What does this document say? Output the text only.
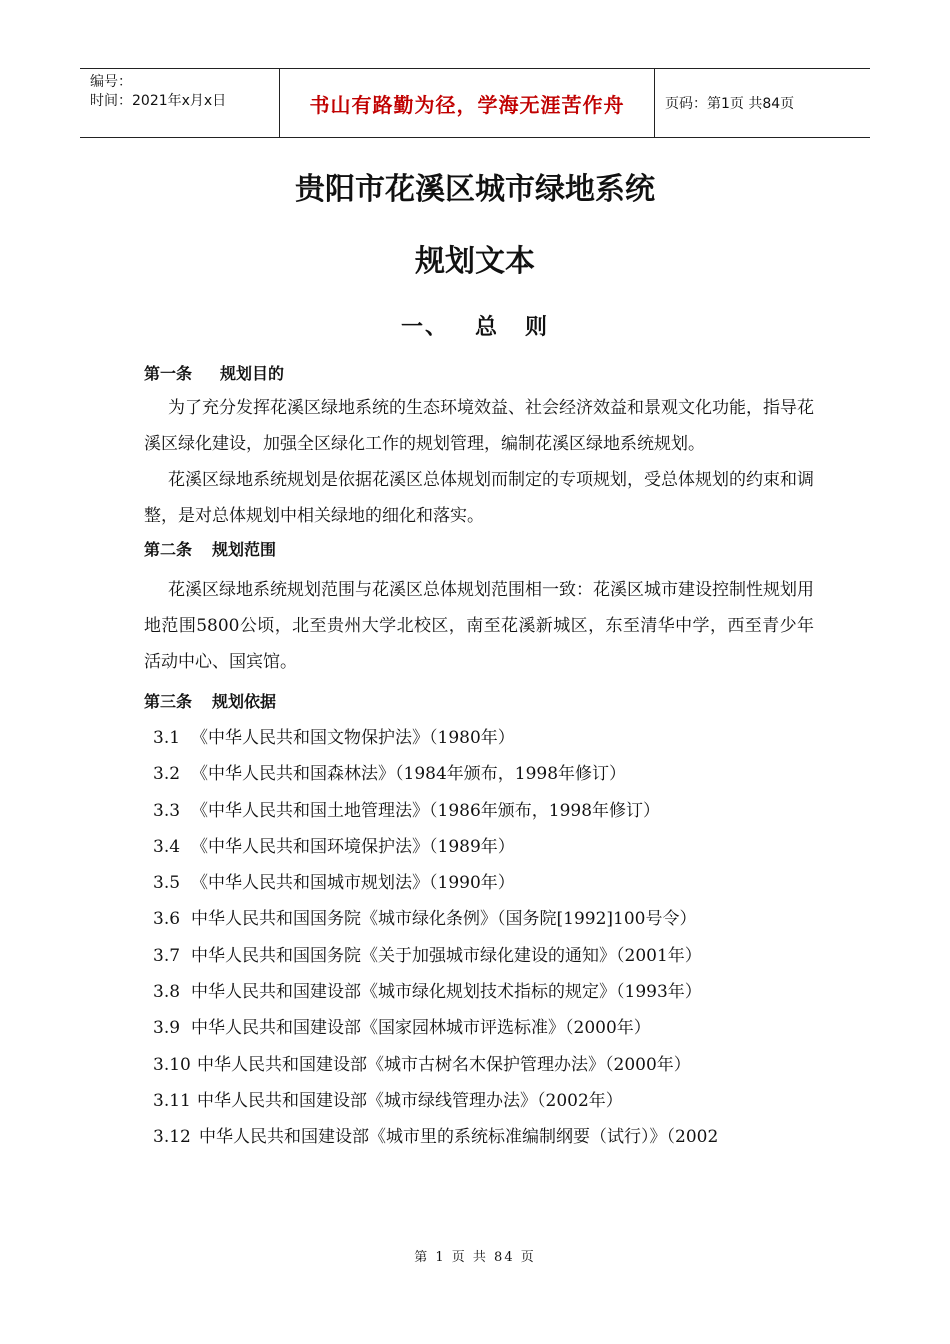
编号：
时间：2021年x月x日	书山有路勤为径，学海无涯苦作舟	页码：第1页 共84页
贵阳市花溪区城市绿地系统
规划文本
一、 总 则
第一条 规划目的
为了充分发挥花溪区绿地系统的生态环境效益、社会经济效益和景观文化功能，指导花溪区绿化建设，加强全区绿化工作的规划管理，编制花溪区绿地系统规划。
花溪区绿地系统规划是依据花溪区总体规划而制定的专项规划，受总体规划的约束和调整，是对总体规划中相关绿地的细化和落实。
第二条 规划范围
花溪区绿地系统规划范围与花溪区总体规划范围相一致：花溪区城市建设控制性规划用地范围5800公顷，北至贵州大学北校区，南至花溪新城区，东至清华中学，西至青少年活动中心、国宾馆。
第三条 规划依据
3.1 《中华人民共和国文物保护法》（1980年）
3.2 《中华人民共和国森林法》（1984年颁布，1998年修订）
3.3 《中华人民共和国土地管理法》（1986年颁布，1998年修订）
3.4 《中华人民共和国环境保护法》（1989年）
3.5 《中华人民共和国城市规划法》（1990年）
3.6 中华人民共和国国务院《城市绿化条例》（国务院[1992]100号令）
3.7 中华人民共和国国务院《关于加强城市绿化建设的通知》（2001年）
3.8 中华人民共和国建设部《城市绿化规划技术指标的规定》（1993年）
3.9 中华人民共和国建设部《国家园林城市评选标准》（2000年）
3.10 中华人民共和国建设部《城市古树名木保护管理办法》（2000年）
3.11 中华人民共和国建设部《城市绿线管理办法》（2002年）
3.12 中华人民共和国建设部《城市里的系统标准编制纲要（试行）》（2002
第 1 页 共 84 页
